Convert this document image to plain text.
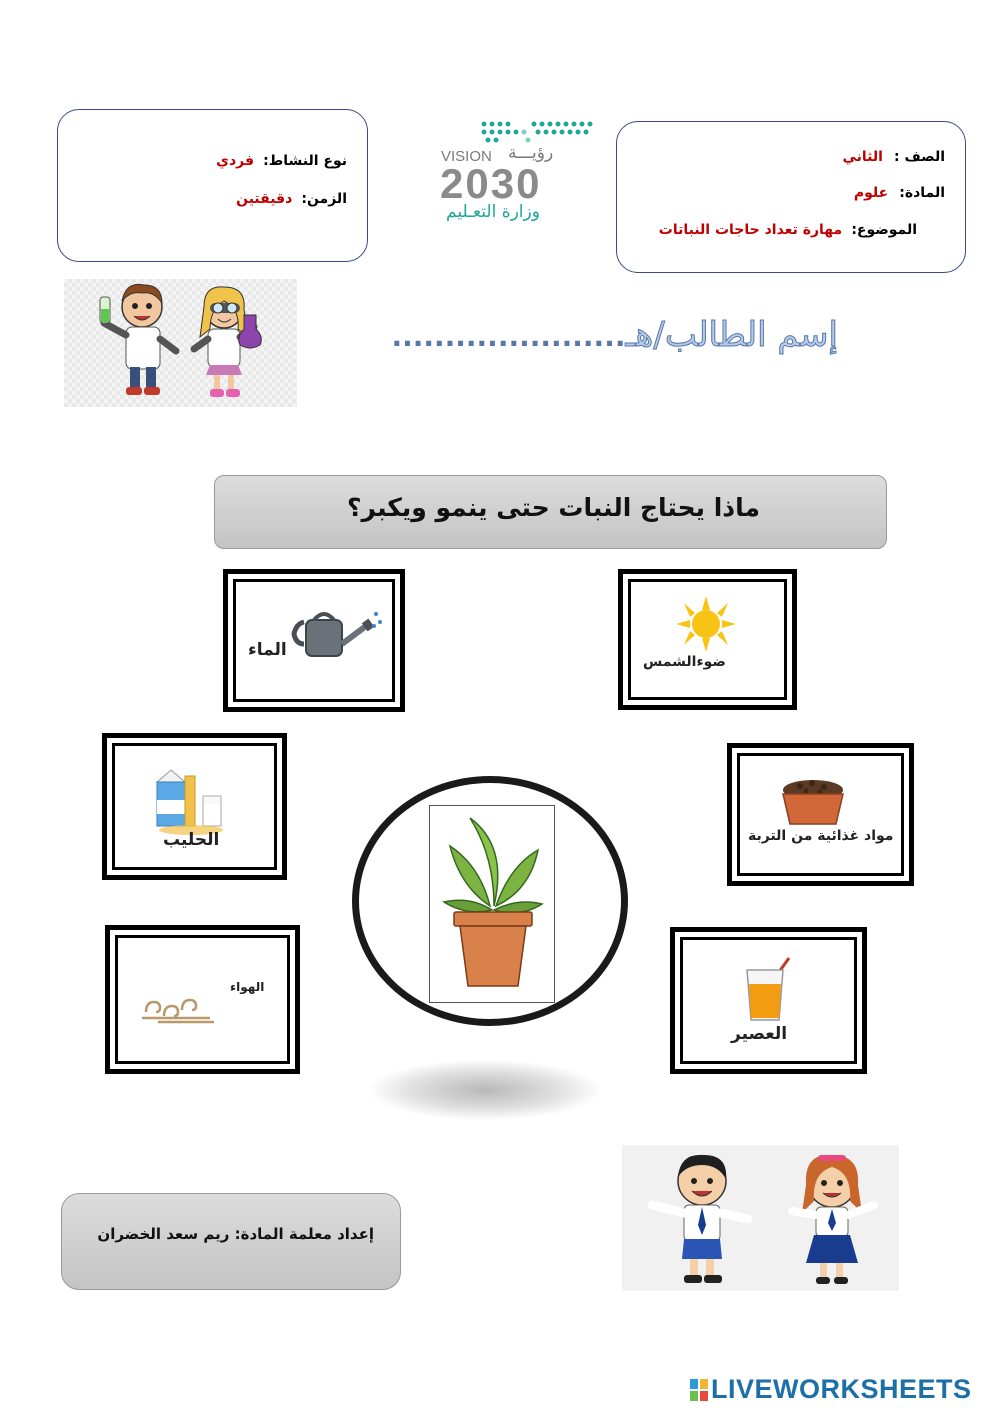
الصف : الثاني
المادة: علوم
الموضوع: مهارة تعداد حاجات النباتات
نوع النشاط: فردي
الزمن: دقيقتين
VISION رؤيـــة
2030
وزارة التعـليم
إسم الطالب/هـ......................
ماذا يحتاج النبات حتى ينمو ويكبر؟
الماء
ضوءالشمس
الحليب	مواد غذائية من التربة
الهواء
العصير
إعداد معلمة المادة: ريم سعد الخضران
LIVEWORKSHEETS
